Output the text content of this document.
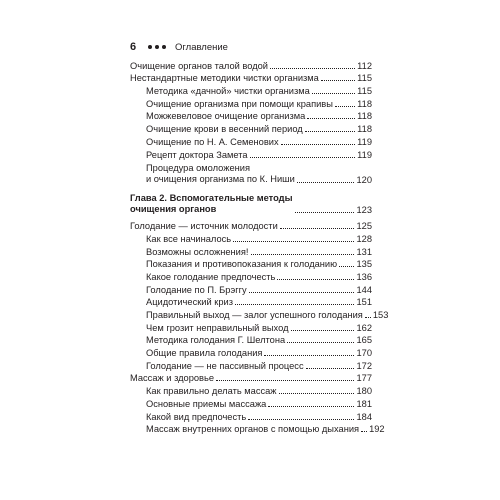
6	Оглавление
Очищение органов талой водой	112
Нестандартные методики чистки организма	115
Методика «дачной» чистки организма	115
Очищение организма при помощи крапивы	118
Можжевеловое очищение организма	118
Очищение крови в весенний период	118
Очищение по Н. А. Семенових	119
Рецепт доктора Замета	119
Процедура омоложения
и очищения организма по К. Ниши	120
Глава 2. Вспомогательные методы
очищения органов	123
Голодание — источник молодости	125
Как все начиналось	128
Возможны осложнения!	131
Показания и противопоказания к голоданию 135
Какое голодание предпочесть	136
Голодание по П. Брэггу	144
Ацидотический криз	151
Правильный выход — залог успешного голодания 153
Чем грозит неправильный выход	162
Методика голодания Г. Шелтона	165
Общие правила голодания	170
Голодание — не пассивный процесс	172
Массаж и здоровье	177
Как правильно делать массаж	180
Основные приемы массажа	181
Какой вид предпочесть	184
Массаж внутренних органов с помощью дыхания 192
